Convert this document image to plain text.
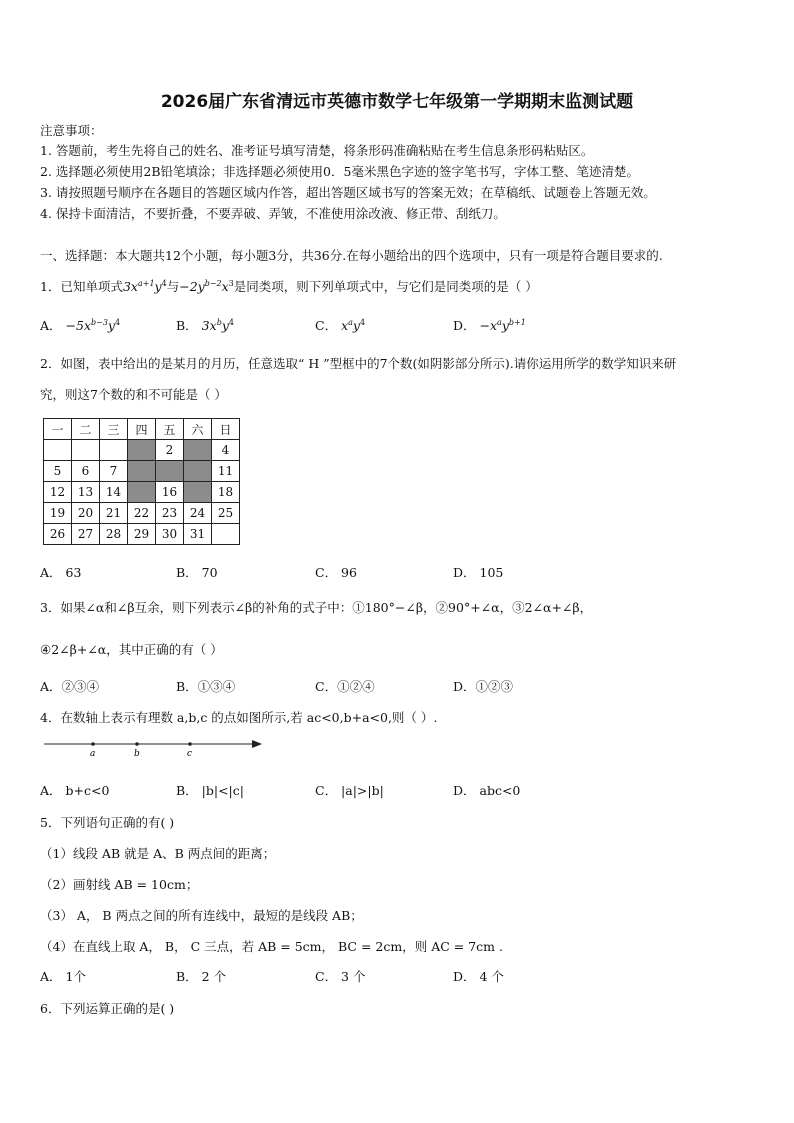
2026届广东省清远市英德市数学七年级第一学期期末监测试题
注意事项：
1. 答题前，考生先将自己的姓名、准考证号填写清楚，将条形码准确粘贴在考生信息条形码粘贴区。
2. 选择题必须使用2B铅笔填涂；非选择题必须使用0．5毫米黑色字迹的签字笔书写，字体工整、笔迹清楚。
3. 请按照题号顺序在各题目的答题区域内作答，超出答题区域书写的答案无效；在草稿纸、试题卷上答题无效。
4. 保持卡面清洁，不要折叠，不要弄破、弄皱，不准使用涂改液、修正带、刮纸刀。
一、选择题：本大题共12个小题，每小题3分，共36分.在每小题给出的四个选项中，只有一项是符合题目要求的.
1．已知单项式$3x^{a+1}y^4$与$-2y^{b-2}x^3$是同类项，则下列单项式中，与它们是同类项的是（ ）
A． $-5x^{b-3}y^4$	B． $3x^by^4$	C． $x^ay^4$	D． $-x^ay^{b+1}$
2．如图，表中给出的是某月的月历，任意选取“ H ”型框中的7个数(如阴影部分所示).请你运用所学的数学知识来研
究，则这7个数的和不可能是（ ）
一	二	三	四	五	六	日
				2		4
5	6	7				11
12	13	14		16		18
19	20	21	22	23	24	25
26	27	28	29	30	31	
A． 63	B． 70	C． 96	D． 105
3．如果∠α和∠β互余，则下列表示∠β的补角的式子中：①180°−∠β，②90°+∠α，③2∠α+∠β，
④2∠β+∠α，其中正确的有（ ）
A．②③④	B．①③④	C．①②④	D．①②③
4．在数轴上表示有理数 a,b,c 的点如图所示,若 ac<0,b+a<0,则（ ）.
a	b	c
A． b+c<0	B． |b|<|c|	C． |a|>|b|	D． abc<0
5．下列语句正确的有( )
（1）线段 AB 就是 A、B 两点间的距离；
（2）画射线 AB = 10cm；
（3） A， B 两点之间的所有连线中，最短的是线段 AB；
（4）在直线上取 A， B， C 三点，若 AB = 5cm， BC = 2cm，则 AC = 7cm .
A． 1个	B． 2 个	C． 3 个	D． 4 个
6．下列运算正确的是( )
